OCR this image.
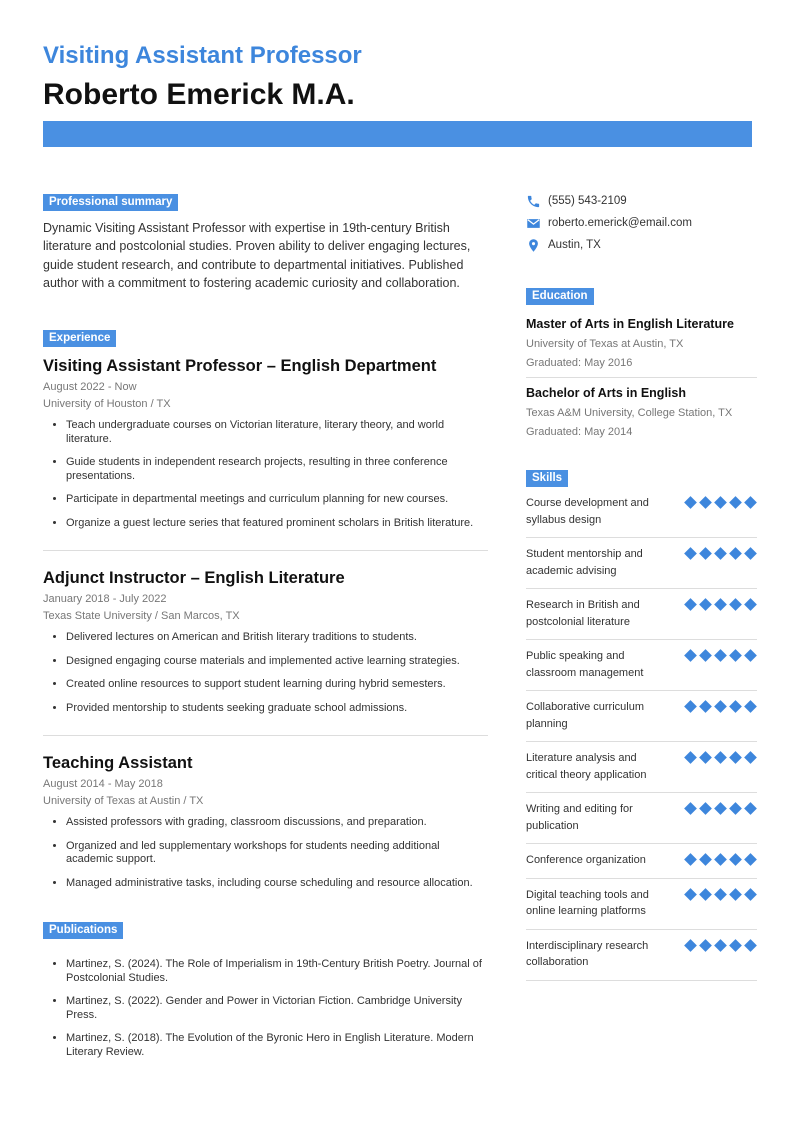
Visiting Assistant Professor
Roberto Emerick M.A.
Professional summary

Dynamic Visiting Assistant Professor with expertise in 19th-century British literature and postcolonial studies. Proven ability to deliver engaging lectures, guide student research, and contribute to departmental initiatives. Published author with a commitment to fostering academic curiosity and collaboration.

Experience
Visiting Assistant Professor – English Department
August 2022 - Now
University of Houston / TX
• Teach undergraduate courses on Victorian literature, literary theory, and world literature.
• Guide students in independent research projects, resulting in three conference presentations.
• Participate in departmental meetings and curriculum planning for new courses.
• Organize a guest lecture series that featured prominent scholars in British literature.
Adjunct Instructor – English Literature
January 2018 - July 2022
Texas State University / San Marcos, TX
• Delivered lectures on American and British literary traditions to students.
• Designed engaging course materials and implemented active learning strategies.
• Created online resources to support student learning during hybrid semesters.
• Provided mentorship to students seeking graduate school admissions.
Teaching Assistant
August 2014 - May 2018
University of Texas at Austin / TX
• Assisted professors with grading, classroom discussions, and preparation.
• Organized and led supplementary workshops for students needing additional academic support.
• Managed administrative tasks, including course scheduling and resource allocation.
Publications
• Martinez, S. (2024). The Role of Imperialism in 19th-Century British Poetry. Journal of Postcolonial Studies.
• Martinez, S. (2022). Gender and Power in Victorian Fiction. Cambridge University Press.
• Martinez, S. (2018). The Evolution of the Byronic Hero in English Literature. Modern Literary Review.
(555) 543-2109
roberto.emerick@email.com
Austin, TX
Education
Master of Arts in English Literature
University of Texas at Austin, TX
Graduated: May 2016
Bachelor of Arts in English
Texas A&M University, College Station, TX
Graduated: May 2014
Skills
Course development and syllabus design
Student mentorship and academic advising
Research in British and postcolonial literature
Public speaking and classroom management
Collaborative curriculum planning
Literature analysis and critical theory application
Writing and editing for publication
Conference organization
Digital teaching tools and online learning platforms
Interdisciplinary research collaboration
